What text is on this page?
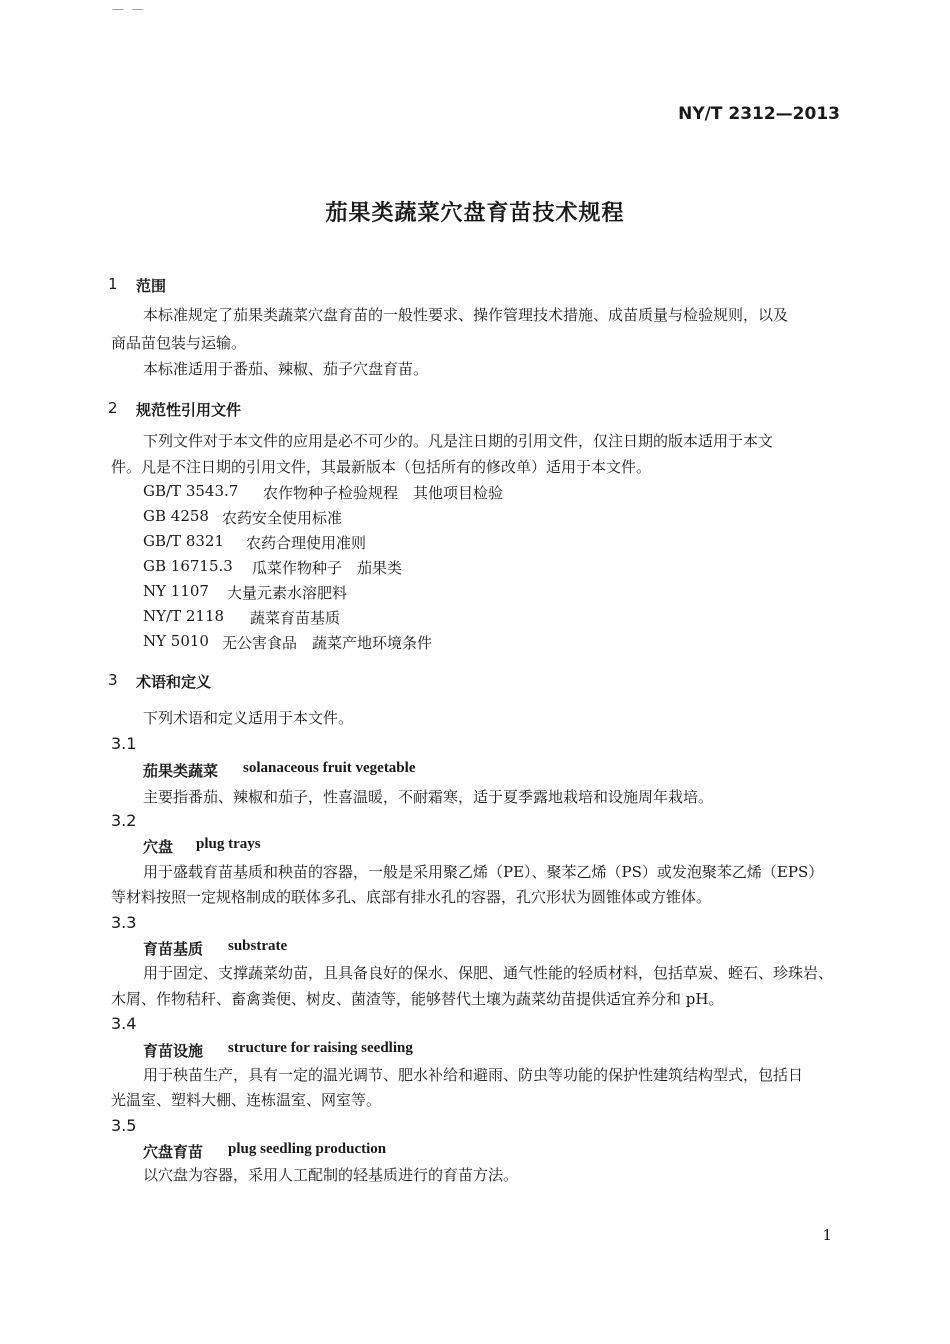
— —
NY/T 2312—2013
茄果类蔬菜穴盘育苗技术规程
1 范围
本标准规定了茄果类蔬菜穴盘育苗的一般性要求、操作管理技术措施、成苗质量与检验规则，以及
商品苗包装与运输。
本标准适用于番茄、辣椒、茄子穴盘育苗。
2 规范性引用文件
下列文件对于本文件的应用是必不可少的。凡是注日期的引用文件，仅注日期的版本适用于本文
件。凡是不注日期的引用文件，其最新版本（包括所有的修改单）适用于本文件。
GB/T 3543.7 农作物种子检验规程　其他项目检验
GB 4258 农药安全使用标准
GB/T 8321 农药合理使用准则
GB 16715.3 瓜菜作物种子　茄果类
NY 1107 大量元素水溶肥料
NY/T 2118 蔬菜育苗基质
NY 5010 无公害食品　蔬菜产地环境条件
3 术语和定义
下列术语和定义适用于本文件。
3.1
茄果类蔬菜 solanaceous fruit vegetable
主要指番茄、辣椒和茄子，性喜温暖，不耐霜寒，适于夏季露地栽培和设施周年栽培。
3.2
穴盘 plug trays
用于盛载育苗基质和秧苗的容器，一般是采用聚乙烯（PE）、聚苯乙烯（PS）或发泡聚苯乙烯（EPS）
等材料按照一定规格制成的联体多孔、底部有排水孔的容器，孔穴形状为圆锥体或方锥体。
3.3
育苗基质 substrate
用于固定、支撑蔬菜幼苗，且具备良好的保水、保肥、通气性能的轻质材料，包括草炭、蛭石、珍珠岩、
木屑、作物秸秆、畜禽粪便、树皮、菌渣等，能够替代土壤为蔬菜幼苗提供适宜养分和 pH。
3.4
育苗设施 structure for raising seedling
用于秧苗生产，具有一定的温光调节、肥水补给和避雨、防虫等功能的保护性建筑结构型式，包括日
光温室、塑料大棚、连栋温室、网室等。
3.5
穴盘育苗 plug seedling production
以穴盘为容器，采用人工配制的轻基质进行的育苗方法。
1
